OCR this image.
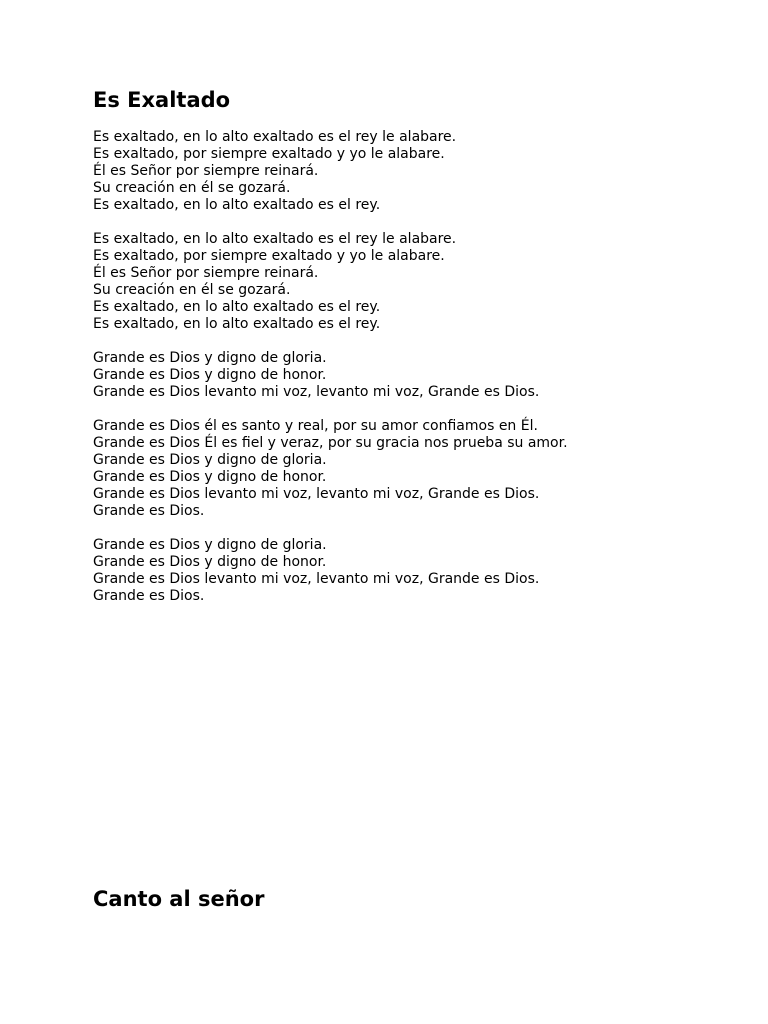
Es Exaltado

Es exaltado, en lo alto exaltado es el rey le alabare.
Es exaltado, por siempre exaltado y yo le alabare.
Él es Señor por siempre reinará.
Su creación en él se gozará.
Es exaltado, en lo alto exaltado es el rey.

Es exaltado, en lo alto exaltado es el rey le alabare.
Es exaltado, por siempre exaltado y yo le alabare.
Él es Señor por siempre reinará.
Su creación en él se gozará.
Es exaltado, en lo alto exaltado es el rey.
Es exaltado, en lo alto exaltado es el rey.

Grande es Dios y digno de gloria.
Grande es Dios y digno de honor.
Grande es Dios levanto mi voz, levanto mi voz, Grande es Dios.

Grande es Dios él es santo y real, por su amor confiamos en Él.
Grande es Dios Él es fiel y veraz, por su gracia nos prueba su amor.
Grande es Dios y digno de gloria.
Grande es Dios y digno de honor.
Grande es Dios levanto mi voz, levanto mi voz, Grande es Dios.
Grande es Dios.

Grande es Dios y digno de gloria.
Grande es Dios y digno de honor.
Grande es Dios levanto mi voz, levanto mi voz, Grande es Dios.
Grande es Dios.

Canto al señor
